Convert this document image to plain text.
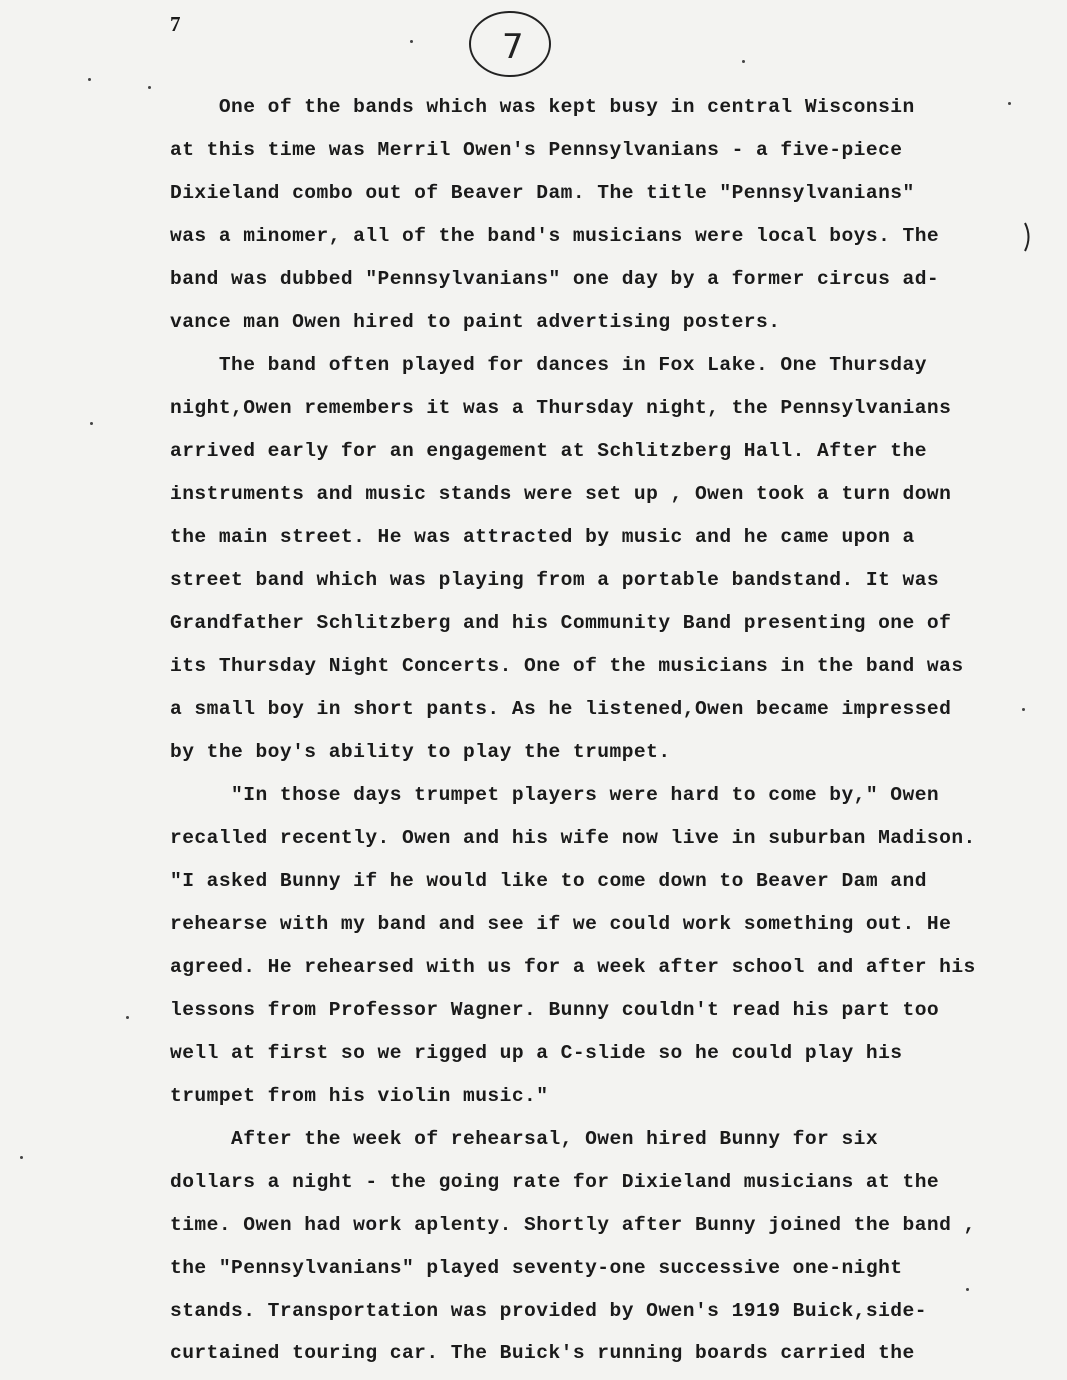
7
7
One of the bands which was kept busy in central Wisconsin
at this time was Merril Owen's Pennsylvanians - a five-piece
Dixieland combo out of Beaver Dam. The title "Pennsylvanians"
was a minomer, all of the band's musicians were local boys. The
band was dubbed "Pennsylvanians" one day by a former circus ad-
vance man Owen hired to paint advertising posters.
The band often played for dances in Fox Lake. One Thursday
night,Owen remembers it was a Thursday night, the Pennsylvanians
arrived early for an engagement at Schlitzberg Hall. After the
instruments and music stands were set up , Owen took a turn down
the main street. He was attracted by music and he came upon a
street band which was playing from a portable bandstand. It was
Grandfather Schlitzberg and his Community Band presenting one of
its Thursday Night Concerts. One of the musicians in the band was
a small boy in short pants. As he listened,Owen became impressed
by the boy's ability to play the trumpet.
"In those days trumpet players were hard to come by," Owen
recalled recently. Owen and his wife now live in suburban Madison.
"I asked Bunny if he would like to come down to Beaver Dam and
rehearse with my band and see if we could work something out. He
agreed. He rehearsed with us for a week after school and after his
lessons from Professor Wagner. Bunny couldn't read his part too
well at first so we rigged up a C-slide so he could play his
trumpet from his violin music."
After the week of rehearsal, Owen hired Bunny for six
dollars a night - the going rate for Dixieland musicians at the
time. Owen had work aplenty. Shortly after Bunny joined the band ,
the "Pennsylvanians" played seventy-one successive one-night
stands. Transportation was provided by Owen's 1919 Buick,side-
curtained touring car. The Buick's running boards carried the
